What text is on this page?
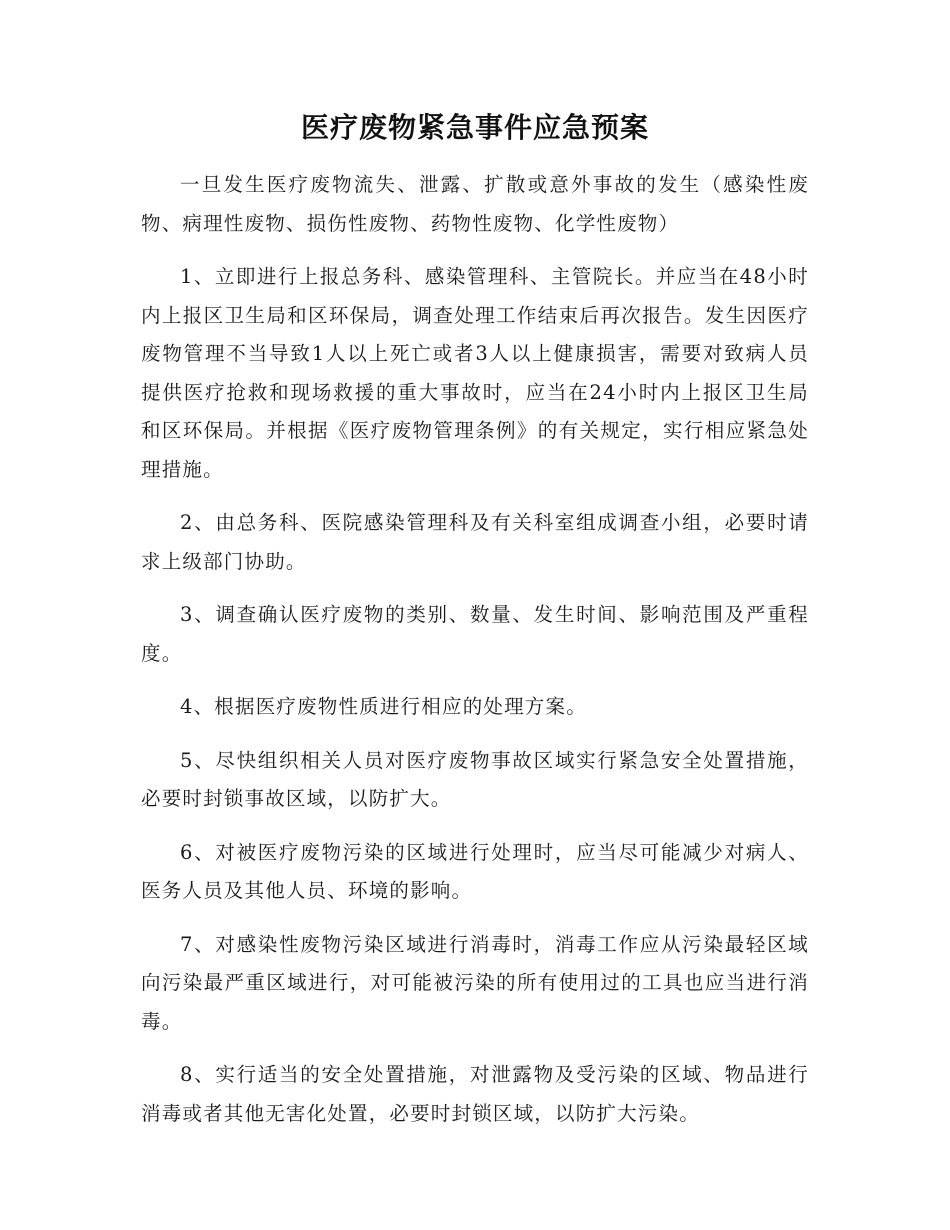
医疗废物紧急事件应急预案

一旦发生医疗废物流失、泄露、扩散或意外事故的发生（感染性废物、病理性废物、损伤性废物、药物性废物、化学性废物）

1、立即进行上报总务科、感染管理科、主管院长。并应当在48小时内上报区卫生局和区环保局，调查处理工作结束后再次报告。发生因医疗废物管理不当导致1人以上死亡或者3人以上健康损害，需要对致病人员提供医疗抢救和现场救援的重大事故时，应当在24小时内上报区卫生局和区环保局。并根据《医疗废物管理条例》的有关规定，实行相应紧急处理措施。

2、由总务科、医院感染管理科及有关科室组成调查小组，必要时请求上级部门协助。

3、调查确认医疗废物的类别、数量、发生时间、影响范围及严重程度。

4、根据医疗废物性质进行相应的处理方案。

5、尽快组织相关人员对医疗废物事故区域实行紧急安全处置措施，必要时封锁事故区域，以防扩大。

6、对被医疗废物污染的区域进行处理时，应当尽可能减少对病人、医务人员及其他人员、环境的影响。

7、对感染性废物污染区域进行消毒时，消毒工作应从污染最轻区域向污染最严重区域进行，对可能被污染的所有使用过的工具也应当进行消毒。

8、实行适当的安全处置措施，对泄露物及受污染的区域、物品进行消毒或者其他无害化处置，必要时封锁区域，以防扩大污染。
